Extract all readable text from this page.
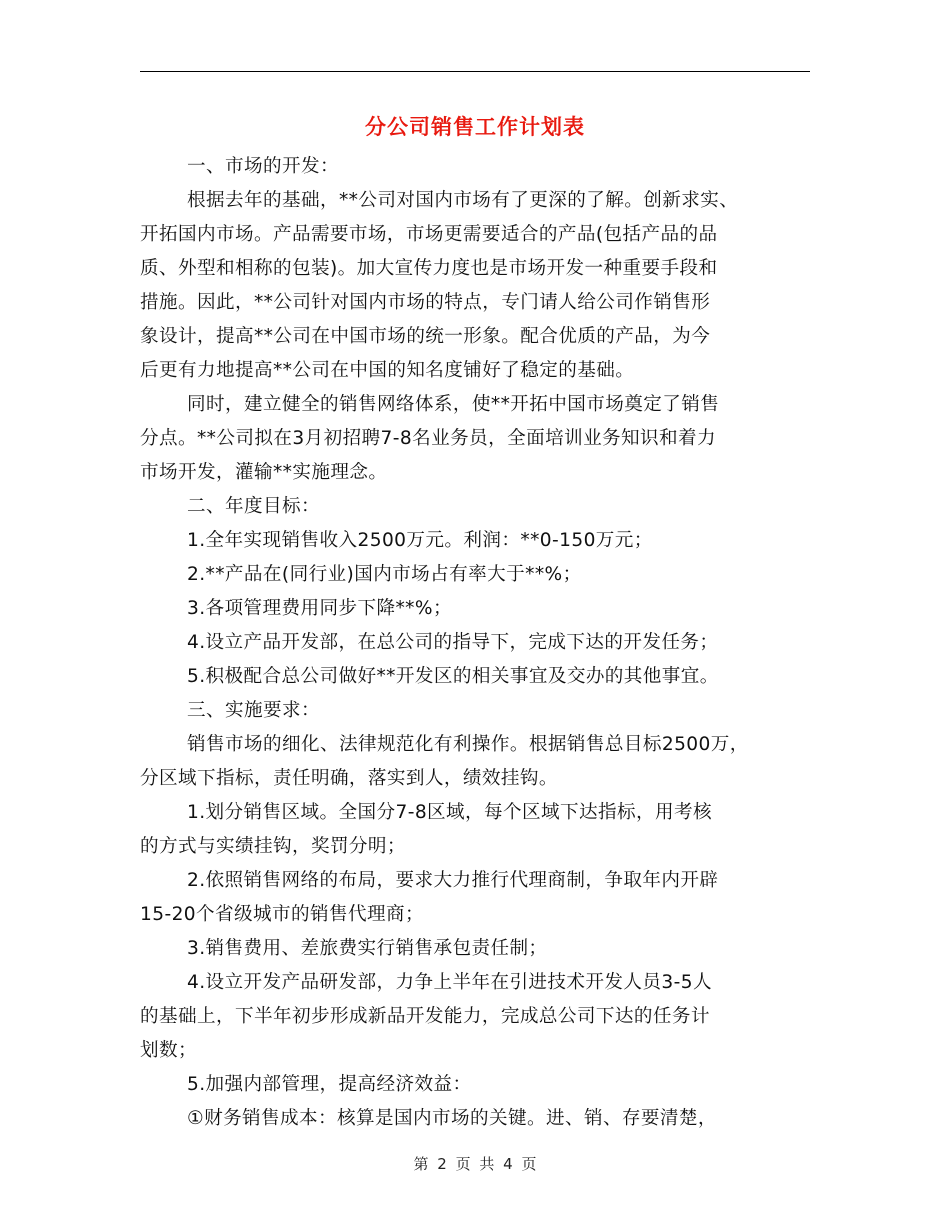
分公司销售工作计划表
一、市场的开发：
根据去年的基础，**公司对国内市场有了更深的了解。创新求实、
开拓国内市场。产品需要市场，市场更需要适合的产品(包括产品的品
质、外型和相称的包装)。加大宣传力度也是市场开发一种重要手段和
措施。因此，**公司针对国内市场的特点，专门请人给公司作销售形
象设计，提高**公司在中国市场的统一形象。配合优质的产品，为今
后更有力地提高**公司在中国的知名度铺好了稳定的基础。
同时，建立健全的销售网络体系，使**开拓中国市场奠定了销售
分点。**公司拟在3月初招聘7-8名业务员，全面培训业务知识和着力
市场开发，灌输**实施理念。
二、年度目标：
1.全年实现销售收入2500万元。利润：**0-150万元；
2.**产品在(同行业)国内市场占有率大于**%；
3.各项管理费用同步下降**%；
4.设立产品开发部，在总公司的指导下，完成下达的开发任务；
5.积极配合总公司做好**开发区的相关事宜及交办的其他事宜。
三、实施要求：
销售市场的细化、法律规范化有利操作。根据销售总目标2500万，
分区域下指标，责任明确，落实到人，绩效挂钩。
1.划分销售区域。全国分7-8区域，每个区域下达指标，用考核
的方式与实绩挂钩，奖罚分明；
2.依照销售网络的布局，要求大力推行代理商制，争取年内开辟
15-20个省级城市的销售代理商；
3.销售费用、差旅费实行销售承包责任制；
4.设立开发产品研发部，力争上半年在引进技术开发人员3-5人
的基础上，下半年初步形成新品开发能力，完成总公司下达的任务计
划数；
5.加强内部管理，提高经济效益：
①财务销售成本：核算是国内市场的关键。进、销、存要清楚，
第 2 页 共 4 页
